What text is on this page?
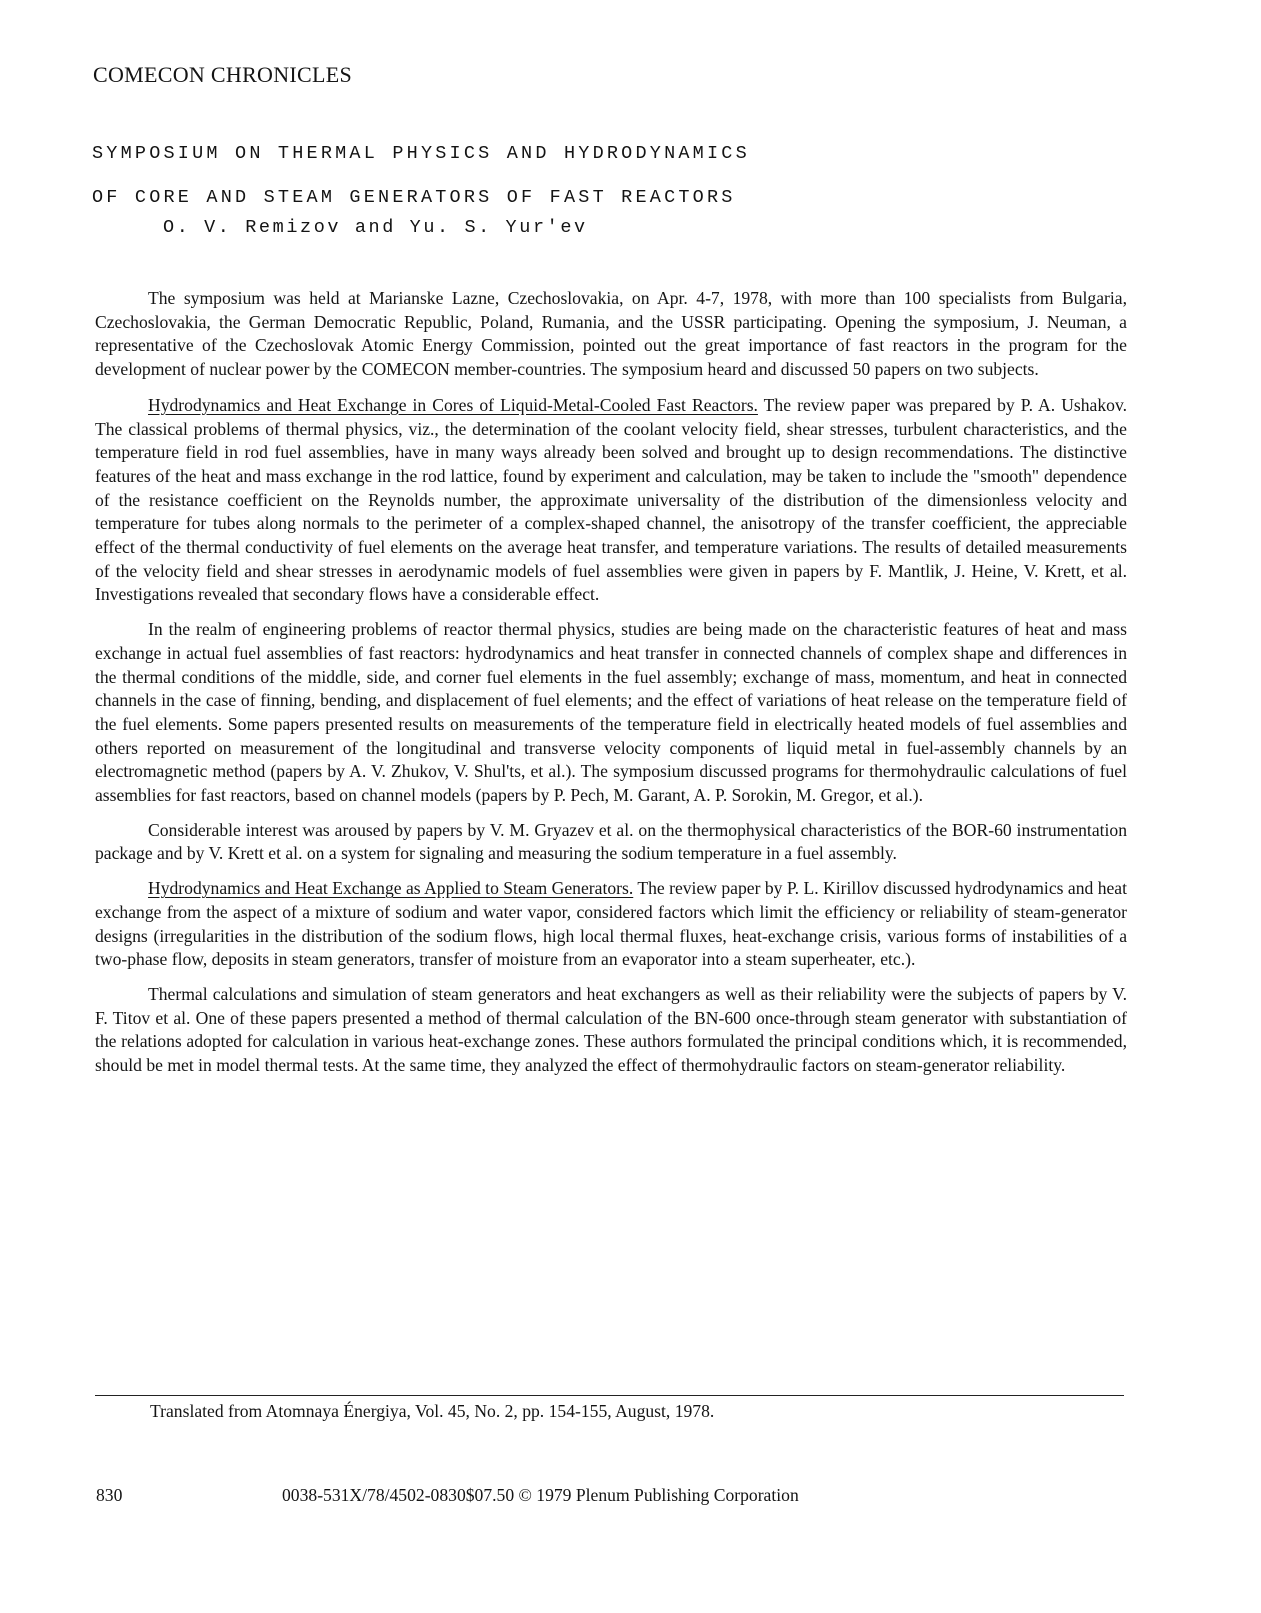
COMECON CHRONICLES
SYMPOSIUM ON THERMAL PHYSICS AND HYDRODYNAMICS
OF CORE AND STEAM GENERATORS OF FAST REACTORS
O. V. Remizov and Yu. S. Yur'ev

The symposium was held at Marianske Lazne, Czechoslovakia, on Apr. 4-7, 1978, with more than 100 specialists from Bulgaria, Czechoslovakia, the German Democratic Republic, Poland, Rumania, and the USSR participating. Opening the symposium, J. Neuman, a representative of the Czechoslovak Atomic Energy Commission, pointed out the great importance of fast reactors in the program for the development of nuclear power by the COMECON member-countries. The symposium heard and discussed 50 papers on two subjects.

Hydrodynamics and Heat Exchange in Cores of Liquid-Metal-Cooled Fast Reactors. The review paper was prepared by P. A. Ushakov. The classical problems of thermal physics, viz., the determination of the coolant velocity field, shear stresses, turbulent characteristics, and the temperature field in rod fuel assemblies, have in many ways already been solved and brought up to design recommendations. The distinctive features of the heat and mass exchange in the rod lattice, found by experiment and calculation, may be taken to include the "smooth" dependence of the resistance coefficient on the Reynolds number, the approximate universality of the distribution of the dimensionless velocity and temperature for tubes along normals to the perimeter of a complex-shaped channel, the anisotropy of the transfer coefficient, the appreciable effect of the thermal conductivity of fuel elements on the average heat transfer, and temperature variations. The results of detailed measurements of the velocity field and shear stresses in aerodynamic models of fuel assemblies were given in papers by F. Mantlik, J. Heine, V. Krett, et al. Investigations revealed that secondary flows have a considerable effect.

In the realm of engineering problems of reactor thermal physics, studies are being made on the characteristic features of heat and mass exchange in actual fuel assemblies of fast reactors: hydrodynamics and heat transfer in connected channels of complex shape and differences in the thermal conditions of the middle, side, and corner fuel elements in the fuel assembly; exchange of mass, momentum, and heat in connected channels in the case of finning, bending, and displacement of fuel elements; and the effect of variations of heat release on the temperature field of the fuel elements. Some papers presented results on measurements of the temperature field in electrically heated models of fuel assemblies and others reported on measurement of the longitudinal and transverse velocity components of liquid metal in fuel-assembly channels by an electromagnetic method (papers by A. V. Zhukov, V. Shul'ts, et al.). The symposium discussed programs for thermohydraulic calculations of fuel assemblies for fast reactors, based on channel models (papers by P. Pech, M. Garant, A. P. Sorokin, M. Gregor, et al.).

Considerable interest was aroused by papers by V. M. Gryazev et al. on the thermophysical characteristics of the BOR-60 instrumentation package and by V. Krett et al. on a system for signaling and measuring the sodium temperature in a fuel assembly.

Hydrodynamics and Heat Exchange as Applied to Steam Generators. The review paper by P. L. Kirillov discussed hydrodynamics and heat exchange from the aspect of a mixture of sodium and water vapor, considered factors which limit the efficiency or reliability of steam-generator designs (irregularities in the distribution of the sodium flows, high local thermal fluxes, heat-exchange crisis, various forms of instabilities of a two-phase flow, deposits in steam generators, transfer of moisture from an evaporator into a steam superheater, etc.).

Thermal calculations and simulation of steam generators and heat exchangers as well as their reliability were the subjects of papers by V. F. Titov et al. One of these papers presented a method of thermal calculation of the BN-600 once-through steam generator with substantiation of the relations adopted for calculation in various heat-exchange zones. These authors formulated the principal conditions which, it is recommended, should be met in model thermal tests. At the same time, they analyzed the effect of thermohydraulic factors on steam-generator reliability.

Translated from Atomnaya Énergiya, Vol. 45, No. 2, pp. 154-155, August, 1978.
830	0038-531X/78/4502-0830$07.50 © 1979 Plenum Publishing Corporation
